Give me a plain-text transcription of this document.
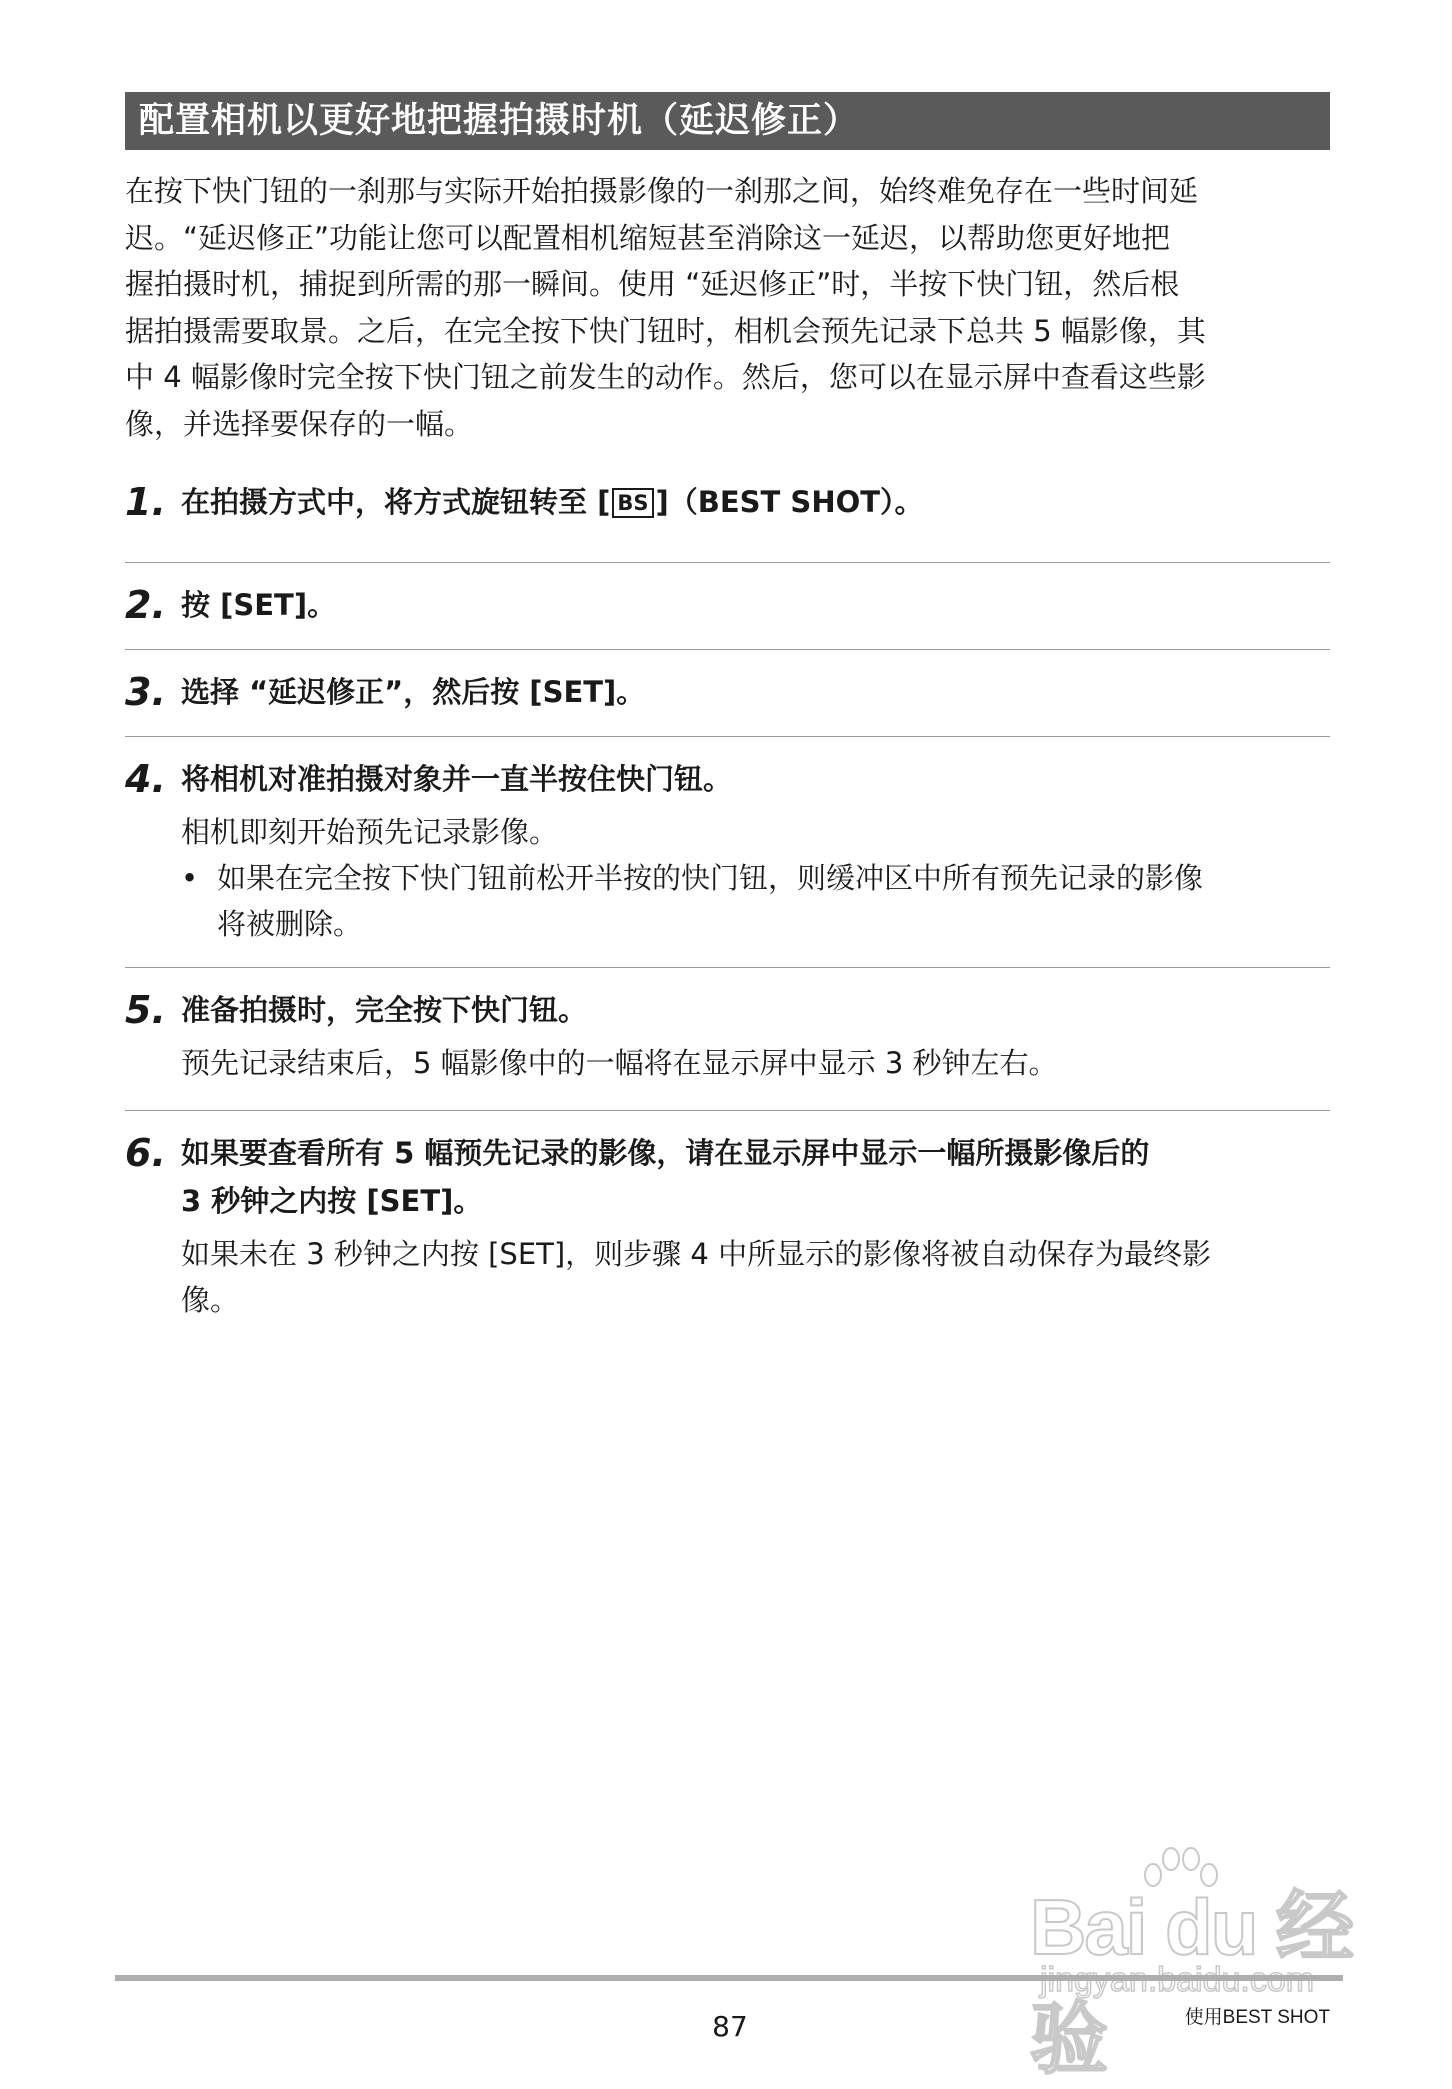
配置相机以更好地把握拍摄时机（延迟修正）
在按下快门钮的一刹那与实际开始拍摄影像的一刹那之间，始终难免存在一些时间延
迟。“延迟修正”功能让您可以配置相机缩短甚至消除这一延迟，以帮助您更好地把
握拍摄时机，捕捉到所需的那一瞬间。使用 “延迟修正”时，半按下快门钮，然后根
据拍摄需要取景。之后，在完全按下快门钮时，相机会预先记录下总共 5 幅影像，其
中 4 幅影像时完全按下快门钮之前发生的动作。然后，您可以在显示屏中查看这些影
像，并选择要保存的一幅。
1. 在拍摄方式中，将方式旋钮转至 [ BS ]（BEST SHOT）。
2. 按 [SET]。
3. 选择 “延迟修正”，然后按 [SET]。
4. 将相机对准拍摄对象并一直半按住快门钮。
相机即刻开始预先记录影像。
• 如果在完全按下快门钮前松开半按的快门钮，则缓冲区中所有预先记录的影像
将被删除。
5. 准备拍摄时，完全按下快门钮。
预先记录结束后，5 幅影像中的一幅将在显示屏中显示 3 秒钟左右。
6. 如果要查看所有 5 幅预先记录的影像，请在显示屏中显示一幅所摄影像后的
3 秒钟之内按 [SET]。
如果未在 3 秒钟之内按 [SET]，则步骤 4 中所显示的影像将被自动保存为最终影
像。
Bai du 经验
87	使用BEST SHOT
